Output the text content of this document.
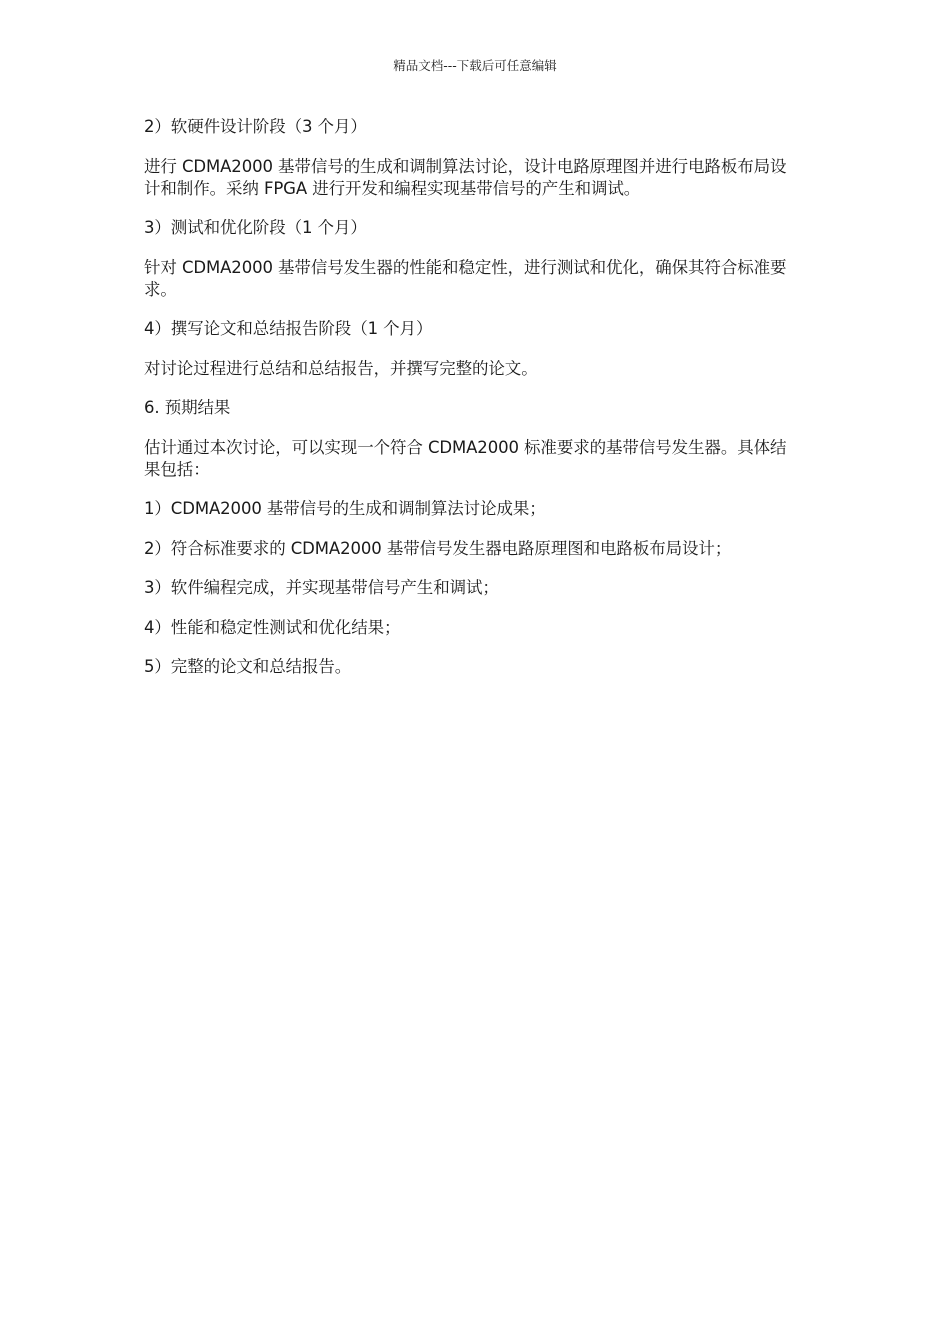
精品文档---下载后可任意编辑

2）软硬件设计阶段（3 个月）

进行 CDMA2000 基带信号的生成和调制算法讨论，设计电路原理图并进行电路板布局设计和制作。采纳 FPGA 进行开发和编程实现基带信号的产生和调试。

3）测试和优化阶段（1 个月）

针对 CDMA2000 基带信号发生器的性能和稳定性，进行测试和优化，确保其符合标准要求。

4）撰写论文和总结报告阶段（1 个月）

对讨论过程进行总结和总结报告，并撰写完整的论文。

6. 预期结果

估计通过本次讨论，可以实现一个符合 CDMA2000 标准要求的基带信号发生器。具体结果包括：

1）CDMA2000 基带信号的生成和调制算法讨论成果；

2）符合标准要求的 CDMA2000 基带信号发生器电路原理图和电路板布局设计；

3）软件编程完成，并实现基带信号产生和调试；

4）性能和稳定性测试和优化结果；

5）完整的论文和总结报告。
